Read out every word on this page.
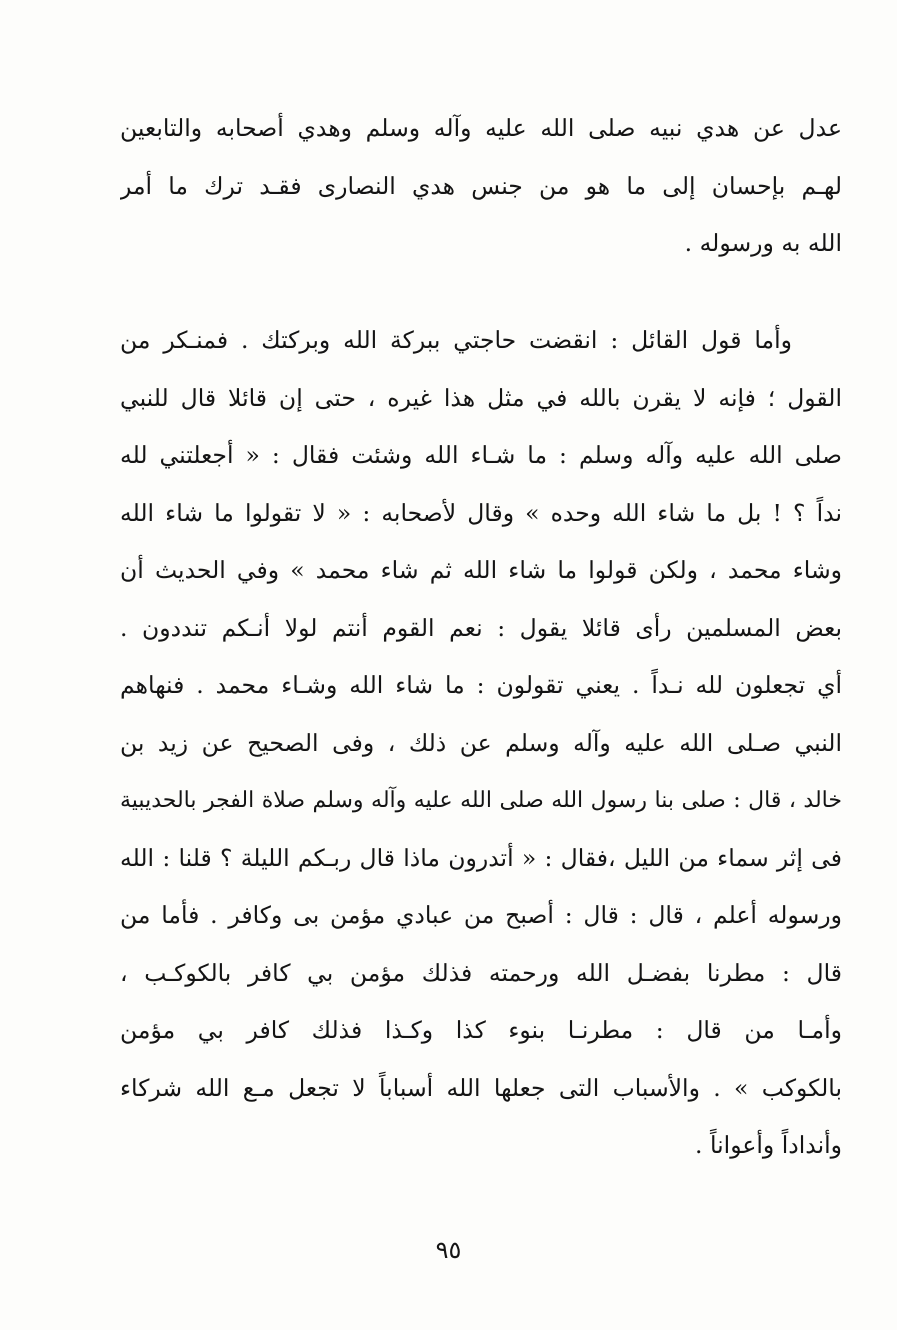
عدل عن هدي نبيه صلى الله عليه وآله وسلم وهدي أصحابه والتابعين
لهـم بإحسان إلى ما هو من جنس هدي النصارى فقـد ترك ما أمر
الله به ورسوله .
وأما قول القائل : انقضت حاجتي ببركة الله وبركتك . فمنـكر من
القول ؛ فإنه لا يقرن بالله في مثل هذا غيره ، حتى إن قائلا قال للنبي
صلى الله عليه وآله وسلم : ما شـاء الله وشئت فقال : « أجعلتني لله
نداً ؟ ! بل ما شاء الله وحده » وقال لأصحابه : « لا تقولوا ما شاء الله
وشاء محمد ، ولكن قولوا ما شاء الله ثم شاء محمد » وفي الحديث أن
بعض المسلمين رأى قائلا يقول : نعم القوم أنتم لولا أنـكم تنددون .
أي تجعلون لله نـداً . يعني تقولون : ما شاء الله وشـاء محمد . فنهاهم
النبي صـلى الله عليه وآله وسلم عن ذلك ، وفى الصحيح عن زيد بن
خالد ، قال : صلى بنا رسول الله صلى الله عليه وآله وسلم صلاة الفجر بالحديبية
فى إثر سماء من الليل ،فقال : « أتدرون ماذا قال ربـكم الليلة ؟ قلنا : الله
ورسوله أعلم ، قال : قال : أصبح من عبادي مؤمن بى وكافر . فأما من
قال : مطرنا بفضـل الله ورحمته فذلك مؤمن بي كافر بالكوكـب ،
وأمـا من قال : مطرنـا بنوء كذا وكـذا فذلك كافر بي مؤمن
بالكوكب » . والأسباب التى جعلها الله أسباباً لا تجعل مـع الله شركاء
وأنداداً وأعواناً .
٩٥
